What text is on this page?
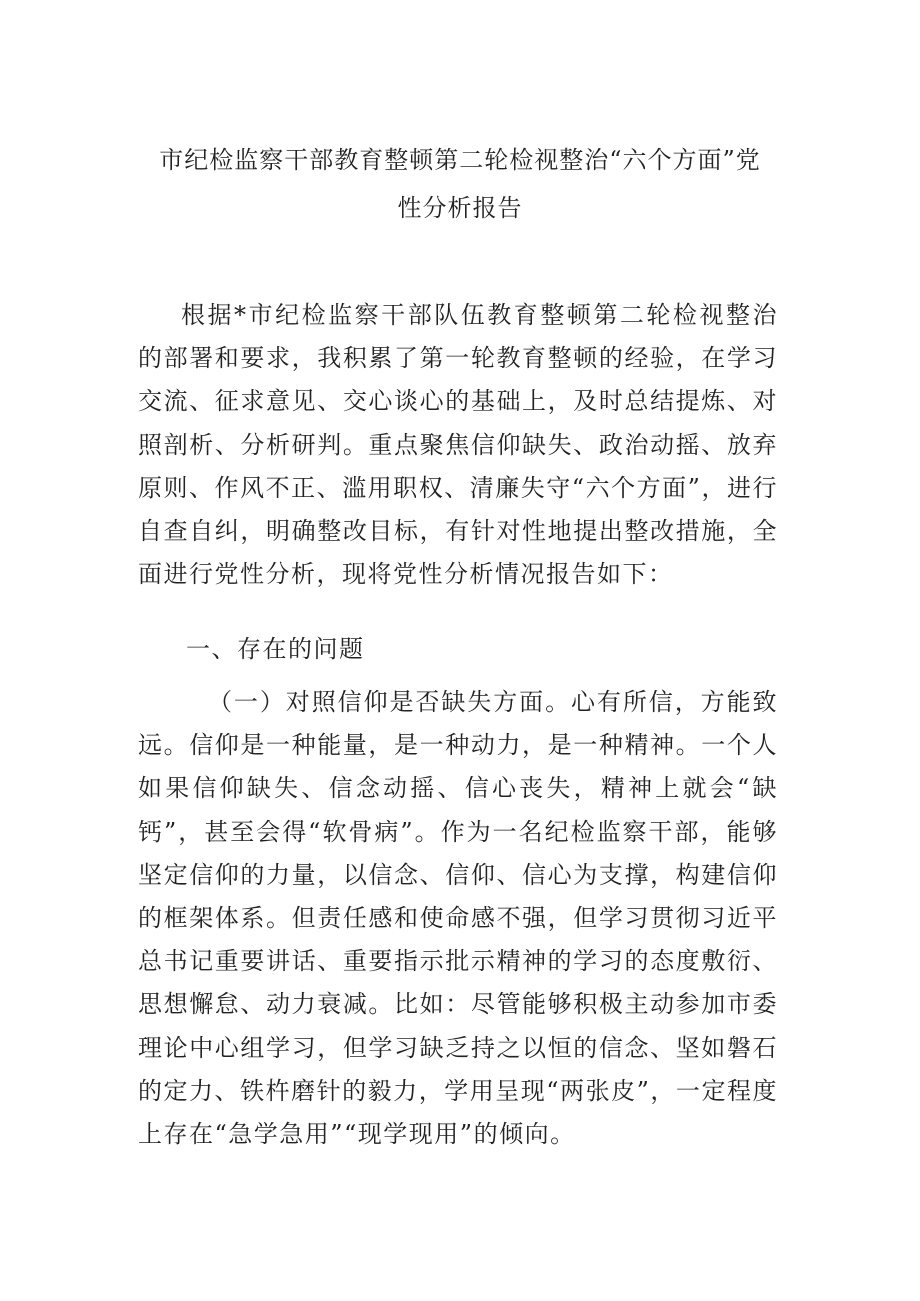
市纪检监察干部教育整顿第二轮检视整治“六个方面”党
性分析报告
根据*市纪检监察干部队伍教育整顿第二轮检视整治的部署和要求，我积累了第一轮教育整顿的经验，在学习交流、征求意见、交心谈心的基础上，及时总结提炼、对照剖析、分析研判。重点聚焦信仰缺失、政治动摇、放弃原则、作风不正、滥用职权、清廉失守“六个方面”，进行自查自纠，明确整改目标，有针对性地提出整改措施，全面进行党性分析，现将党性分析情况报告如下：
一、存在的问题
（一）对照信仰是否缺失方面。心有所信，方能致远。信仰是一种能量，是一种动力，是一种精神。一个人如果信仰缺失、信念动摇、信心丧失，精神上就会“缺钙”，甚至会得“软骨病”。作为一名纪检监察干部，能够坚定信仰的力量，以信念、信仰、信心为支撑，构建信仰的框架体系。但责任感和使命感不强，但学习贯彻习近平总书记重要讲话、重要指示批示精神的学习的态度敷衍、思想懈怠、动力衰减。比如：尽管能够积极主动参加市委理论中心组学习，但学习缺乏持之以恒的信念、坚如磐石的定力、铁杵磨针的毅力，学用呈现“两张皮”，一定程度上存在“急学急用”“现学现用”的倾向。
